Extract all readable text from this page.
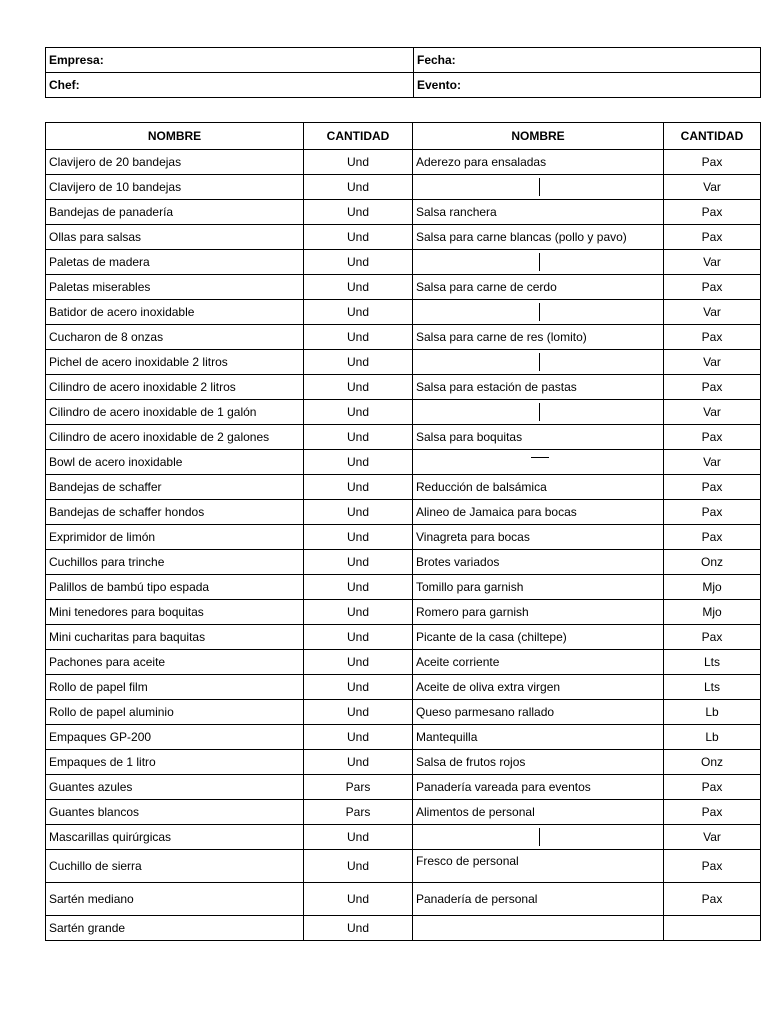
Empresa:	Fecha:
Chef:	Evento:
NOMBRE	CANTIDAD	NOMBRE	CANTIDAD
Clavijero de 20 bandejas	Und	Aderezo para ensaladas	Pax
Clavijero de 10 bandejas	Und		Var
Bandejas de panadería	Und	Salsa ranchera	Pax
Ollas para salsas	Und	Salsa para carne blancas (pollo y pavo)	Pax
Paletas de madera	Und		Var
Paletas miserables	Und	Salsa para carne de cerdo	Pax
Batidor de acero inoxidable	Und		Var
Cucharon de 8 onzas	Und	Salsa para carne de res (lomito)	Pax
Pichel de acero inoxidable 2 litros	Und		Var
Cilindro de acero inoxidable 2 litros	Und	Salsa para estación de pastas	Pax
Cilindro de acero inoxidable de 1 galón	Und		Var
Cilindro de acero inoxidable de 2 galones	Und	Salsa para boquitas	Pax
Bowl de acero inoxidable	Und		Var
Bandejas de schaffer	Und	Reducción de balsámica	Pax
Bandejas de schaffer hondos	Und	Alineo de Jamaica para bocas	Pax
Exprimidor de limón	Und	Vinagreta para bocas	Pax
Cuchillos para trinche	Und	Brotes variados	Onz
Palillos de bambú tipo espada	Und	Tomillo para garnish	Mjo
Mini tenedores para boquitas	Und	Romero para garnish	Mjo
Mini cucharitas para baquitas	Und	Picante de la casa (chiltepe)	Pax
Pachones para aceite	Und	Aceite corriente	Lts
Rollo de papel film	Und	Aceite de oliva extra virgen	Lts
Rollo de papel aluminio	Und	Queso parmesano rallado	Lb
Empaques GP-200	Und	Mantequilla	Lb
Empaques de 1 litro	Und	Salsa de frutos rojos	Onz
Guantes azules	Pars	Panadería vareada para eventos	Pax
Guantes blancos	Pars	Alimentos de personal	Pax
Mascarillas quirúrgicas	Und		Var
Cuchillo de sierra	Und	Fresco de personal	Pax
Sartén mediano	Und	Panadería de personal	Pax
Sartén grande	Und		
